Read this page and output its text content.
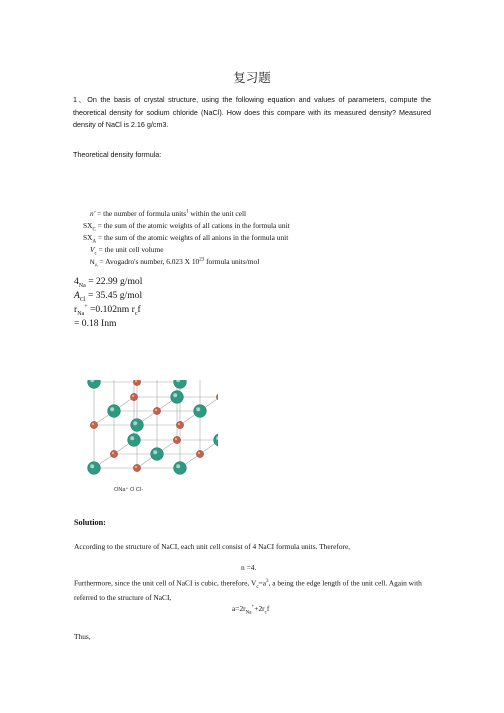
复习题
1、On the basis of crystal structure, using the following equation and values of parameters, compute the theoretical density for sodium chloride (NaCl). How does this compare with its measured density? Measured density of NaCl is 2.16 g/cm3.
Theoretical density formula:
n' = the number of formula units$^1$ within the unit cell
$SX_C$ = the sum of the atomic weights of all cations in the formula unit
$SX_A$ = the sum of the atomic weights of all anions in the formula unit
$V_c$ = the unit cell volume
$N_A$ = Avogadro's number, 6.023 X $10^{23}$ formula units/mol
$4_{Na} = 22.99$ g/mol
$A_{Cl} = 35.45$ g/mol
$r_{Na}^+ =0.102nm$ $r_cf$
= 0.18 Inm
ONa⁺ O Cl-
Solution:
According to the structure of NaCI, each unit cell consist of 4 NaCI formula units. Therefore,
n =4.
Furthermore, since the unit cell of NaCI is cubic, therefore, $V_c=a^3$, a being the edge length of the unit cell. Again with referred to the structure of NaCI,
$a=2r_{Na}^++2r_cf$
Thus,
